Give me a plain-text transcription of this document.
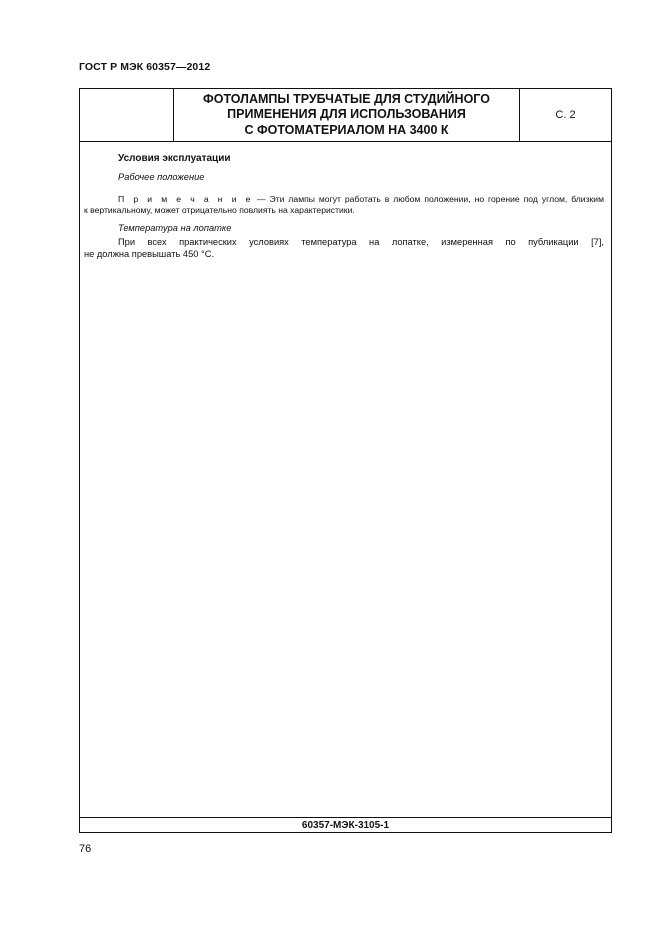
ГОСТ Р МЭК 60357—2012
ФОТОЛАМПЫ ТРУБЧАТЫЕ ДЛЯ СТУДИЙНОГО
ПРИМЕНЕНИЯ ДЛЯ ИСПОЛЬЗОВАНИЯ
С ФОТОМАТЕРИАЛОМ НА 3400 К
С. 2
Условия эксплуатации
Рабочее положение
П р и м е ч а н и е — Эти лампы могут работать в любом положении, но горение под углом, близким
к вертикальному, может отрицательно повлиять на характеристики.
Температура на лопатке
При всех практических условиях температура на лопатке, измеренная по публикации [7],
не должна превышать 450 °С.
60357-МЭК-3105-1
76
